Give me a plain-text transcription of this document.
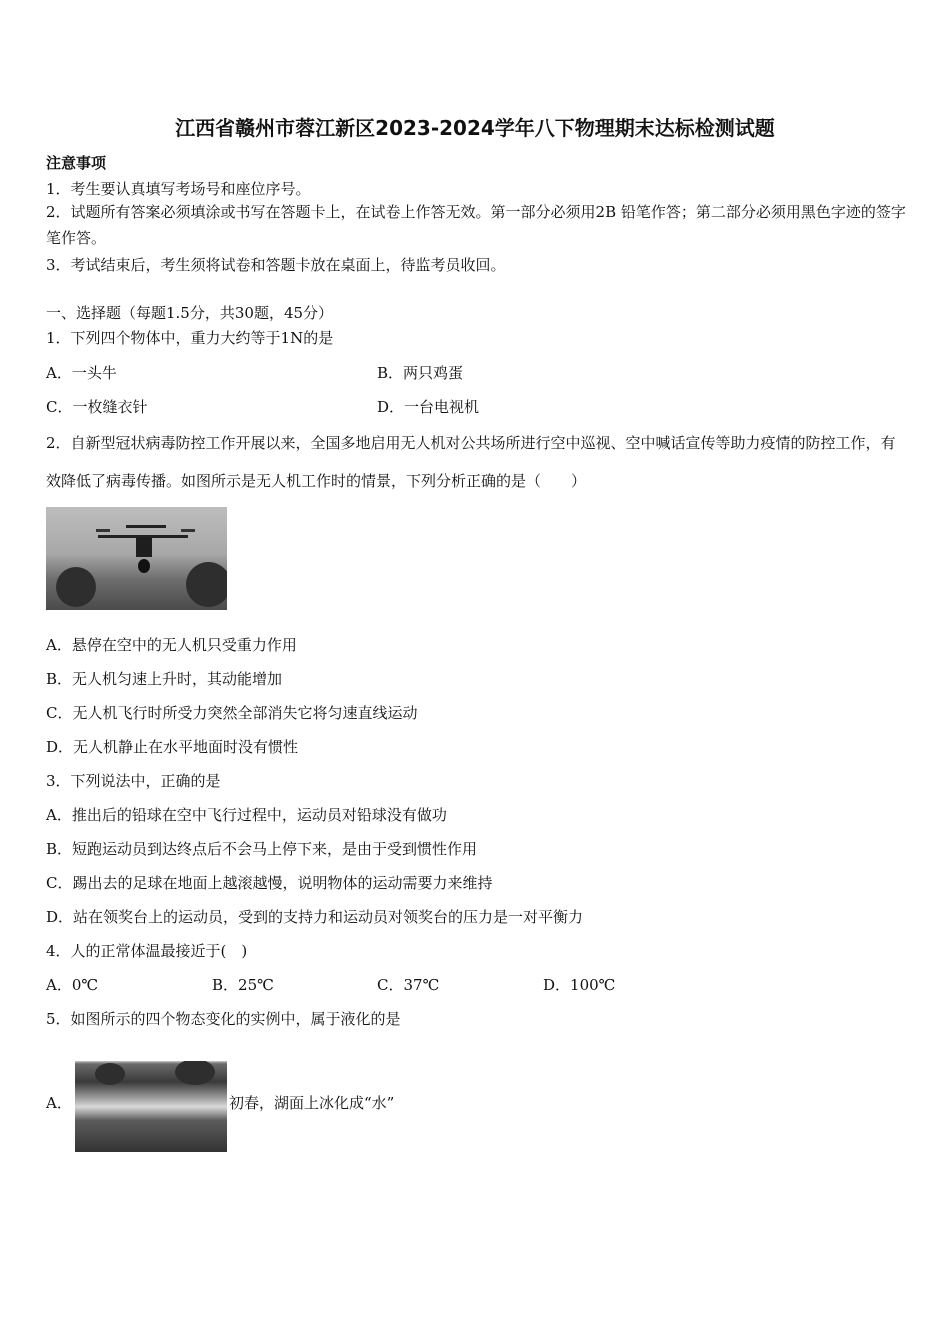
江西省赣州市蓉江新区2023-2024学年八下物理期末达标检测试题
注意事项
1．考生要认真填写考场号和座位序号。
2．试题所有答案必须填涂或书写在答题卡上，在试卷上作答无效。第一部分必须用2B 铅笔作答；第二部分必须用黑色字迹的签字笔作答。
3．考试结束后，考生须将试卷和答题卡放在桌面上，待监考员收回。
一、选择题（每题1.5分，共30题，45分）
1．下列四个物体中，重力大约等于1N的是
A．一头牛	B．两只鸡蛋
C．一枚缝衣针	D．一台电视机
2．自新型冠状病毒防控工作开展以来，全国多地启用无人机对公共场所进行空中巡视、空中喊话宣传等助力疫情的防控工作，有效降低了病毒传播。如图所示是无人机工作时的情景，下列分析正确的是（　　）
A．悬停在空中的无人机只受重力作用
B．无人机匀速上升时，其动能增加
C．无人机飞行时所受力突然全部消失它将匀速直线运动
D．无人机静止在水平地面时没有惯性
3．下列说法中，正确的是
A．推出后的铅球在空中飞行过程中，运动员对铅球没有做功
B．短跑运动员到达终点后不会马上停下来，是由于受到惯性作用
C．踢出去的足球在地面上越滚越慢，说明物体的运动需要力来维持
D．站在领奖台上的运动员，受到的支持力和运动员对领奖台的压力是一对平衡力
4．人的正常体温最接近于(　)
A．0℃	B．25℃	C．37℃	D．100℃
5．如图所示的四个物态变化的实例中，属于液化的是
A．	初春，湖面上冰化成“水”
